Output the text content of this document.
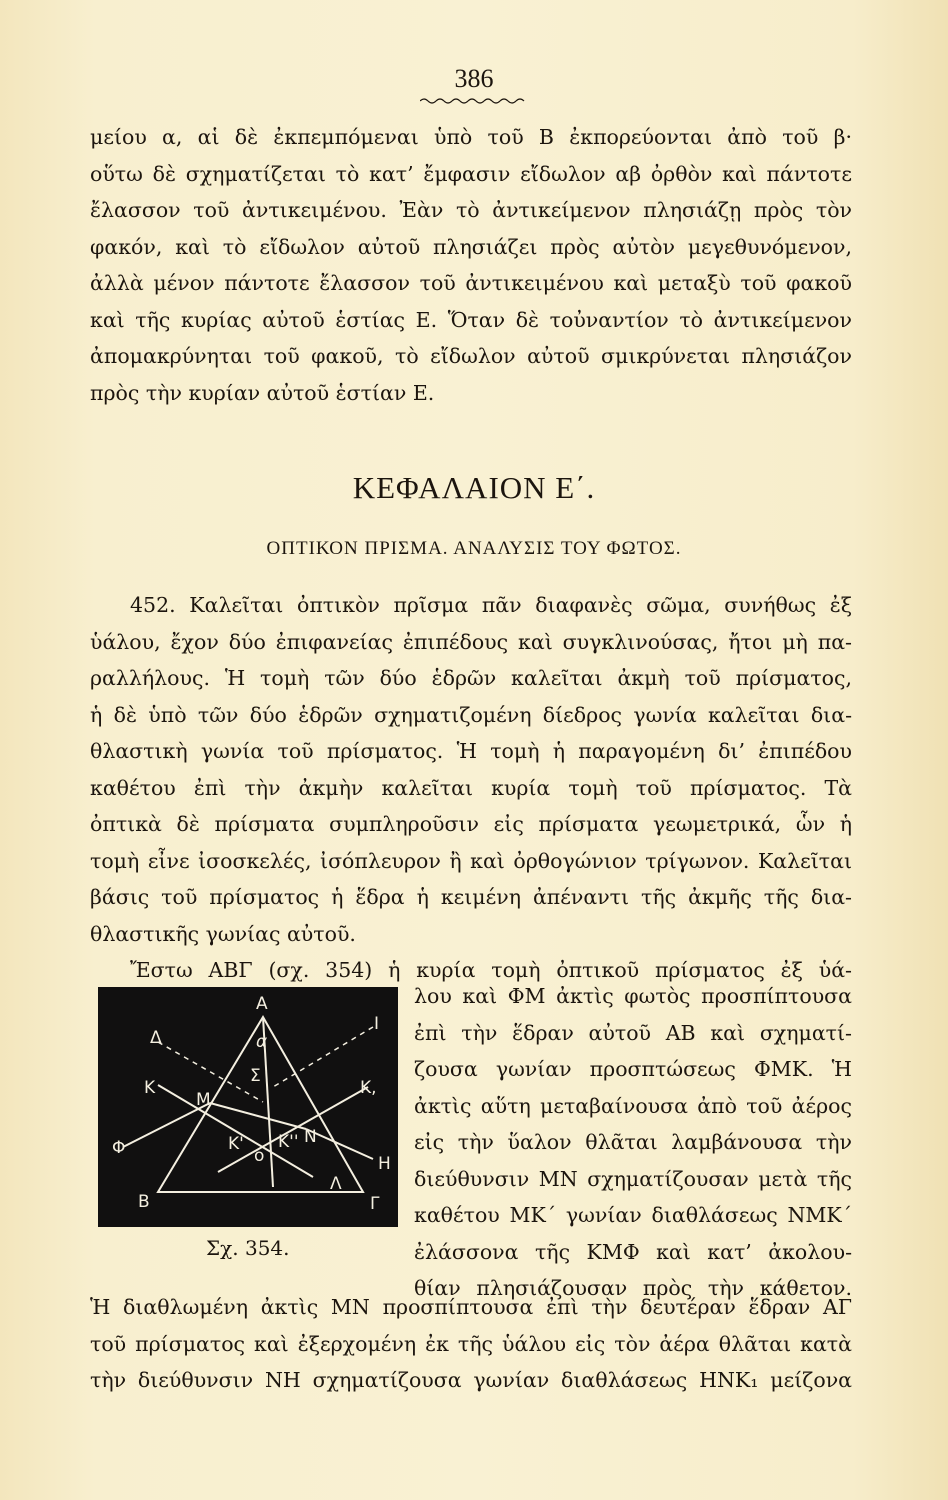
386
μείου α, αἱ δὲ ἐκπεμπόμεναι ὑπὸ τοῦ Β ἐκπορεύονται ἀπὸ τοῦ β·
οὕτω δὲ σχηματίζεται τὸ κατ’ ἔμφασιν εἴδωλον αβ ὀρθὸν καὶ πάντοτε
ἔλασσον τοῦ ἀντικειμένου. Ἐὰν τὸ ἀντικείμενον πλησιάζῃ πρὸς τὸν
φακόν, καὶ τὸ εἴδωλον αὐτοῦ πλησιάζει πρὸς αὐτὸν μεγεθυνόμενον,
ἀλλὰ μένον πάντοτε ἔλασσον τοῦ ἀντικειμένου καὶ μεταξὺ τοῦ φακοῦ
καὶ τῆς κυρίας αὐτοῦ ἑστίας Ε. Ὅταν δὲ τοὐναντίον τὸ ἀντικείμενον
ἀπομακρύνηται τοῦ φακοῦ, τὸ εἴδωλον αὐτοῦ σμικρύνεται πλησιάζον
πρὸς τὴν κυρίαν αὐτοῦ ἑστίαν Ε.
ΚΕΦΑΛΑΙΟΝ Ε΄.
ΟΠΤΙΚΟΝ ΠΡΙΣΜΑ. ΑΝΑΛΥΣΙΣ ΤΟΥ ΦΩΤΟΣ.
452. Καλεῖται ὀπτικὸν πρῖσμα πᾶν διαφανὲς σῶμα, συνήθως ἐξ
ὑάλου, ἔχον δύο ἐπιφανείας ἐπιπέδους καὶ συγκλινούσας, ἤτοι μὴ πα-
ραλλήλους. Ἡ τομὴ τῶν δύο ἑδρῶν καλεῖται ἀκμὴ τοῦ πρίσματος,
ἡ δὲ ὑπὸ τῶν δύο ἑδρῶν σχηματιζομένη δίεδρος γωνία καλεῖται δια-
θλαστικὴ γωνία τοῦ πρίσματος. Ἡ τομὴ ἡ παραγομένη δι’ ἐπιπέδου
καθέτου ἐπὶ τὴν ἀκμὴν καλεῖται κυρία τομὴ τοῦ πρίσματος. Τὰ
ὀπτικὰ δὲ πρίσματα συμπληροῦσιν εἰς πρίσματα γεωμετρικά, ὧν ἡ
τομὴ εἶνε ἰσοσκελές, ἰσόπλευρον ἢ καὶ ὀρθογώνιον τρίγωνον. Καλεῖται
βάσις τοῦ πρίσματος ἡ ἕδρα ἡ κειμένη ἀπέναντι τῆς ἀκμῆς τῆς δια-
θλαστικῆς γωνίας αὐτοῦ.
Ἔστω ΑΒΓ (σχ. 354) ἡ κυρία τομὴ ὀπτικοῦ πρίσματος ἐξ ὑά-
Α
Β	Γ
Δ
Ι
Κ	Κ,
Μ
Ν
Η
Φ
Λ
Σ
α
ο
Κ' Κ''
Σχ. 354.
λου καὶ ΦΜ ἀκτὶς φωτὸς προσπίπτουσα
ἐπὶ τὴν ἕδραν αὐτοῦ ΑΒ καὶ σχηματί-
ζουσα γωνίαν προσπτώσεως ΦΜΚ. Ἡ
ἀκτὶς αὕτη μεταβαίνουσα ἀπὸ τοῦ ἀέρος
εἰς τὴν ὕαλον θλᾶται λαμβάνουσα τὴν
διεύθυνσιν ΜΝ σχηματίζουσαν μετὰ τῆς
καθέτου ΜΚ΄ γωνίαν διαθλάσεως ΝΜΚ΄
ἐλάσσονα τῆς ΚΜΦ καὶ κατ’ ἀκολου-
θίαν πλησιάζουσαν πρὸς τὴν κάθετον.
Ἡ διαθλωμένη ἀκτὶς ΜΝ προσπίπτουσα ἐπὶ τὴν δευτέραν ἕδραν ΑΓ
τοῦ πρίσματος καὶ ἐξερχομένη ἐκ τῆς ὑάλου εἰς τὸν ἀέρα θλᾶται κατὰ
τὴν διεύθυνσιν ΝΗ σχηματίζουσα γωνίαν διαθλάσεως ΗΝΚ₁ μείζονα
